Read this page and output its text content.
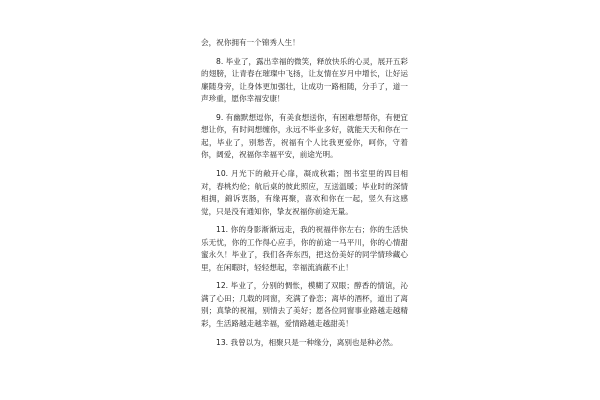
会，祝你拥有一个锦秀人生！

8. 毕业了，露出幸福的微笑，释放快乐的心灵，展开五彩的翅膀，让青春在璀璨中飞扬，让友情在岁月中增长，让好运廉随身旁，让身体更加强壮，让成功一路相随，分手了，道一声珍重，愿你幸福安康！

9. 有幽默想逗你，有美食想送你，有困难想帮你，有便宜想让你，有时间想缠你，永远不毕业多好，就能天天和你在一起，毕业了，别愁苦，祝福有个人比我更爱你，呵你，守着你，阔爱，祝福你幸福平安，前途光明。

10. 月光下的敞开心扉，凝成秋霜；图书室里的四目相对，春桃灼伦；航后桌的彼此照应，互送温暖；毕业时的深情相拥，錦诉衷肠，有缘再聚，喜欢和你在一起，竖久有这感觉，只是没有通知你，挚友祝福你前途无量。

11. 你的身影渐渐远走，我的祝福伴你左右；你的生活快乐无忧，你的工作得心应手，你的前途一马平川，你的心情甜蜜永久！毕业了，我们各奔东西，把这份美好的同学情珍藏心里，在闲暇时，轻轻想起，幸福流淌蔽不止！

12. 毕业了，分别的惆怅，模糊了双眼；醇香的情谊，沁满了心田；几载的同窗，充满了眷恋；离毕的酒杯，道出了离别；真挚的祝福，别情去了美好；愿各位同窗事业路越走越精彩，生活路越走越幸福，爱情路越走越甜美！

13. 我曾以为，相聚只是一种缘分，离别也是种必然。
